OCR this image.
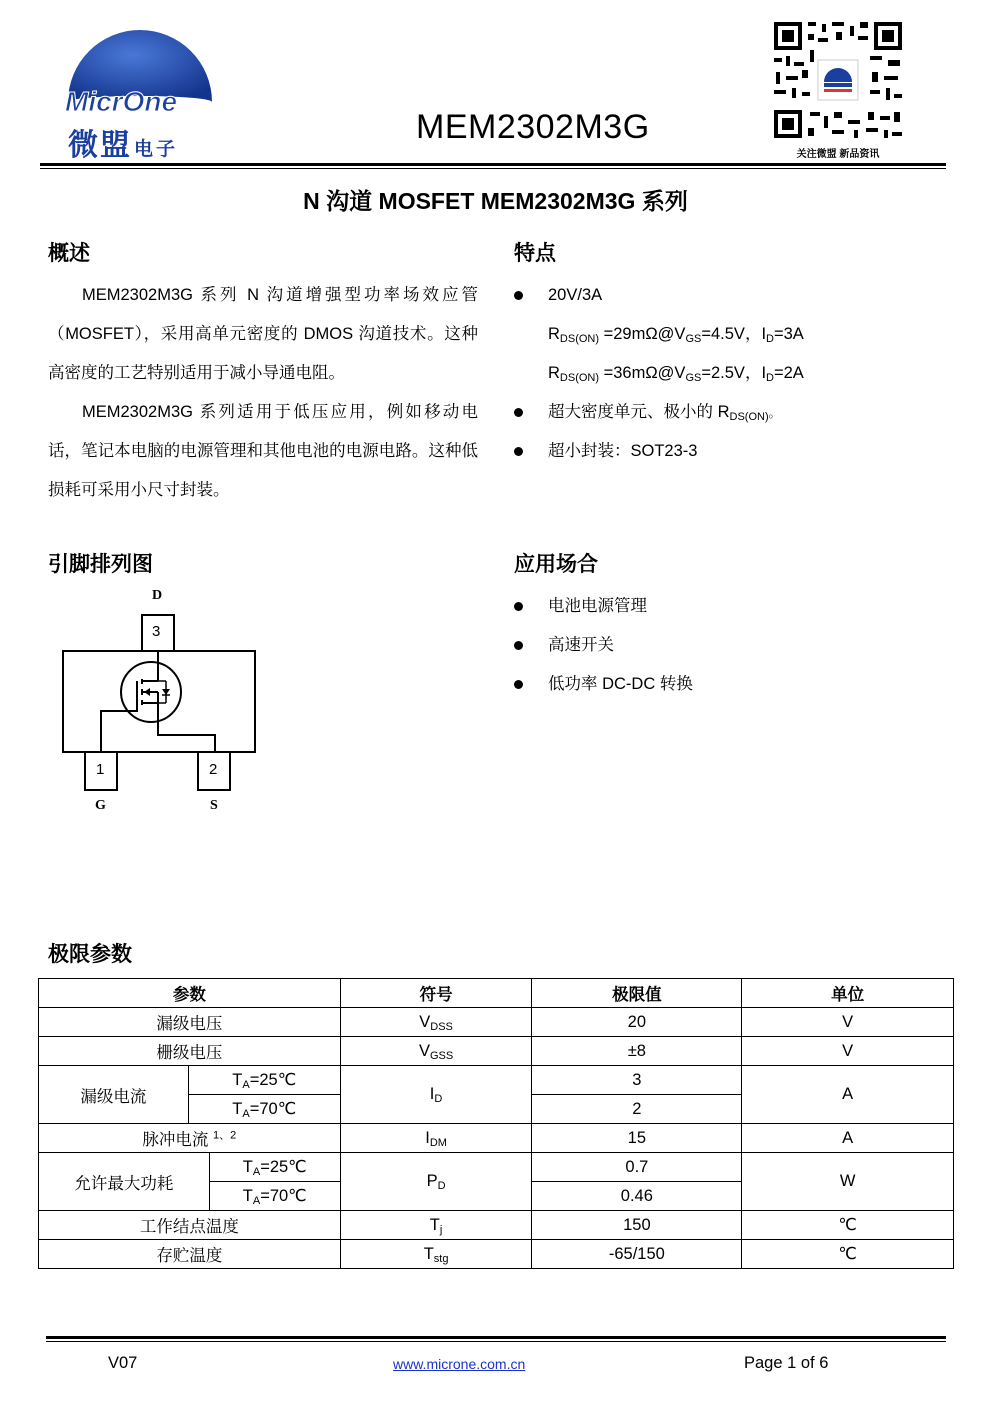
MicrOne
微盟 电子
MEM2302M3G
关注微盟 新品资讯
N 沟道 MOSFET MEM2302M3G 系列
概述

MEM2302M3G 系列 N 沟道增强型功率场效应管（MOSFET），采用高单元密度的 DMOS 沟道技术。这种高密度的工艺特别适用于减小导通电阻。

MEM2302M3G 系列适用于低压应用，例如移动电话，笔记本电脑的电源管理和其他电池的电源电路。这种低损耗可采用小尺寸封装。

特点
20V/3A
$R_{DS(ON)}$ $=29m\Omega@V_{GS}=4.5V$，$I_D=3A$
$R_{DS(ON)}$ $=36m\Omega@V_{GS}=2.5V$，$I_D=2A$
超大密度单元、极小的 $R_{DS(ON)}$。
超小封装：SOT23-3
引脚排列图
D
3
1	2
G	S
应用场合
电池电源管理
高速开关
低功率 DC-DC 转换
极限参数
参数			符号	极限值	单位
漏级电压			$V_{DSS}$	20	V
栅级电压			$V_{GSS}$	±8	V
漏级电流	$T_A=25℃$		$I_D$	3	A
	$T_A=70℃$			2	
脉冲电流 $^{1、2}$			$I_{DM}$	15	A
允许最大功耗		$T_A=25℃$	$P_D$	0.7	W
		$T_A=70℃$		0.46	
工作结点温度			$T_j$	150	℃
存贮温度			$T_{stg}$	-65/150	℃
V07	www.microne.com.cn	Page 1 of 6
